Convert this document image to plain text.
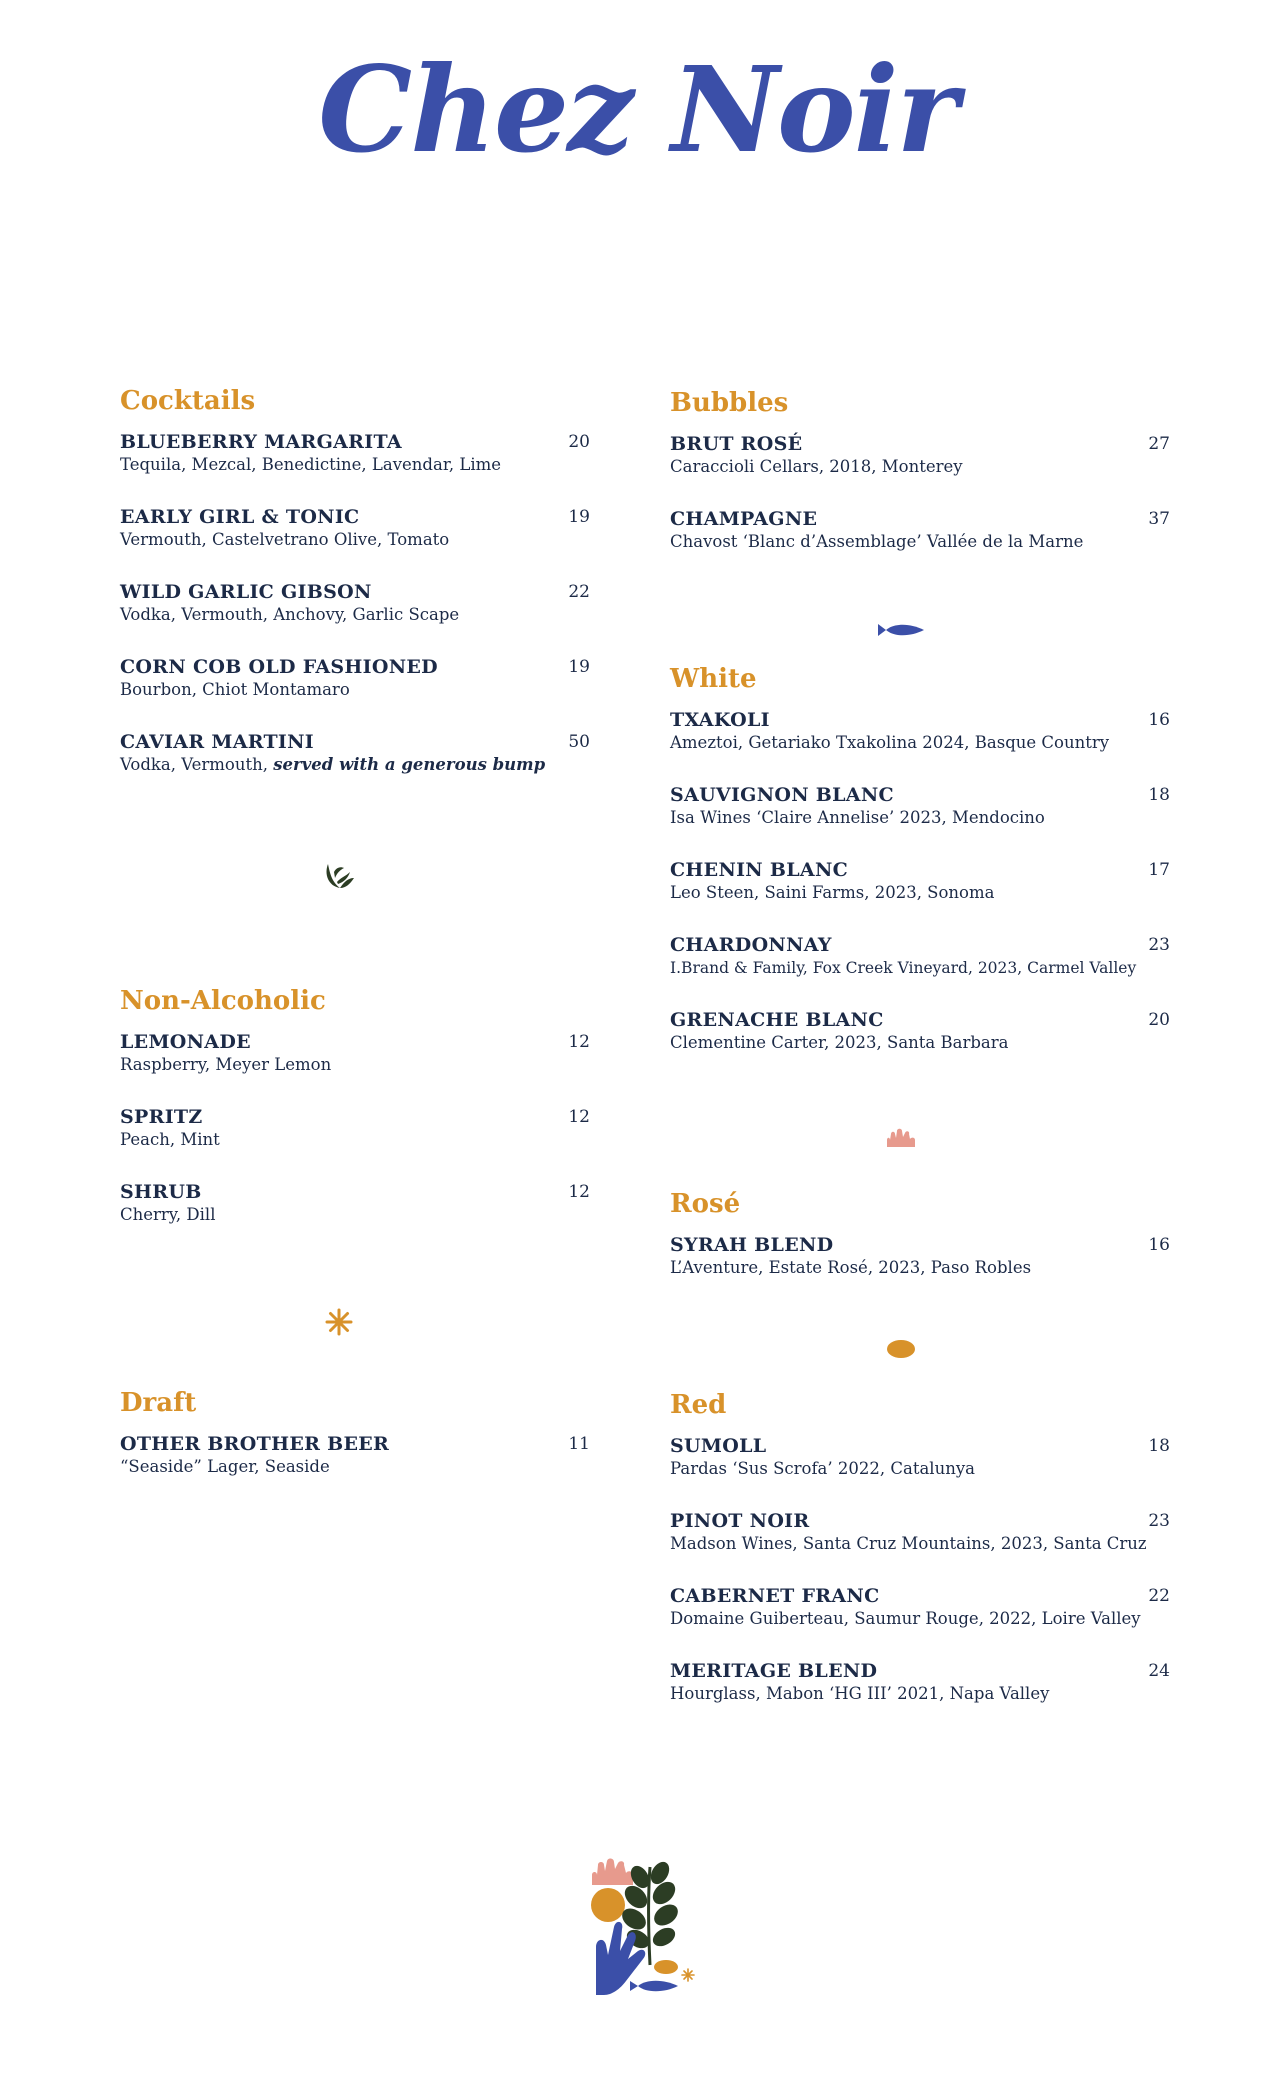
Chez Noir
Cocktails
BLUEBERRY MARGARITA
Tequila, Mezcal, Benedictine, Lavendar, Lime
20
EARLY GIRL & TONIC
Vermouth, Castelvetrano Olive, Tomato
19
WILD GARLIC GIBSON
Vodka, Vermouth, Anchovy, Garlic Scape
22
CORN COB OLD FASHIONED
Bourbon, Chiot Montamaro
19
CAVIAR MARTINI
Vodka, Vermouth, served with a generous bump
50
Non-Alcoholic
LEMONADE
Raspberry, Meyer Lemon
12
SPRITZ
Peach, Mint
12
SHRUB
Cherry, Dill
12
Draft
OTHER BROTHER BEER
“Seaside” Lager, Seaside
11
Bubbles
BRUT ROSÉ
Caraccioli Cellars, 2018, Monterey
27
CHAMPAGNE
Chavost ‘Blanc d’Assemblage’ Vallée de la Marne
37
White
TXAKOLI
Ameztoi, Getariako Txakolina 2024, Basque Country
16
SAUVIGNON BLANC
Isa Wines ‘Claire Annelise’ 2023, Mendocino
18
CHENIN BLANC
Leo Steen, Saini Farms, 2023, Sonoma
17
CHARDONNAY
I.Brand & Family, Fox Creek Vineyard, 2023, Carmel Valley
23
GRENACHE BLANC
Clementine Carter, 2023, Santa Barbara
20
Rosé
SYRAH BLEND
L’Aventure, Estate Rosé, 2023, Paso Robles
16
Red
SUMOLL
Pardas ‘Sus Scrofa’ 2022, Catalunya
18
PINOT NOIR
Madson Wines, Santa Cruz Mountains, 2023, Santa Cruz
23
CABERNET FRANC
Domaine Guiberteau, Saumur Rouge, 2022, Loire Valley
22
MERITAGE BLEND
Hourglass, Mabon ‘HG III’ 2021, Napa Valley
24
